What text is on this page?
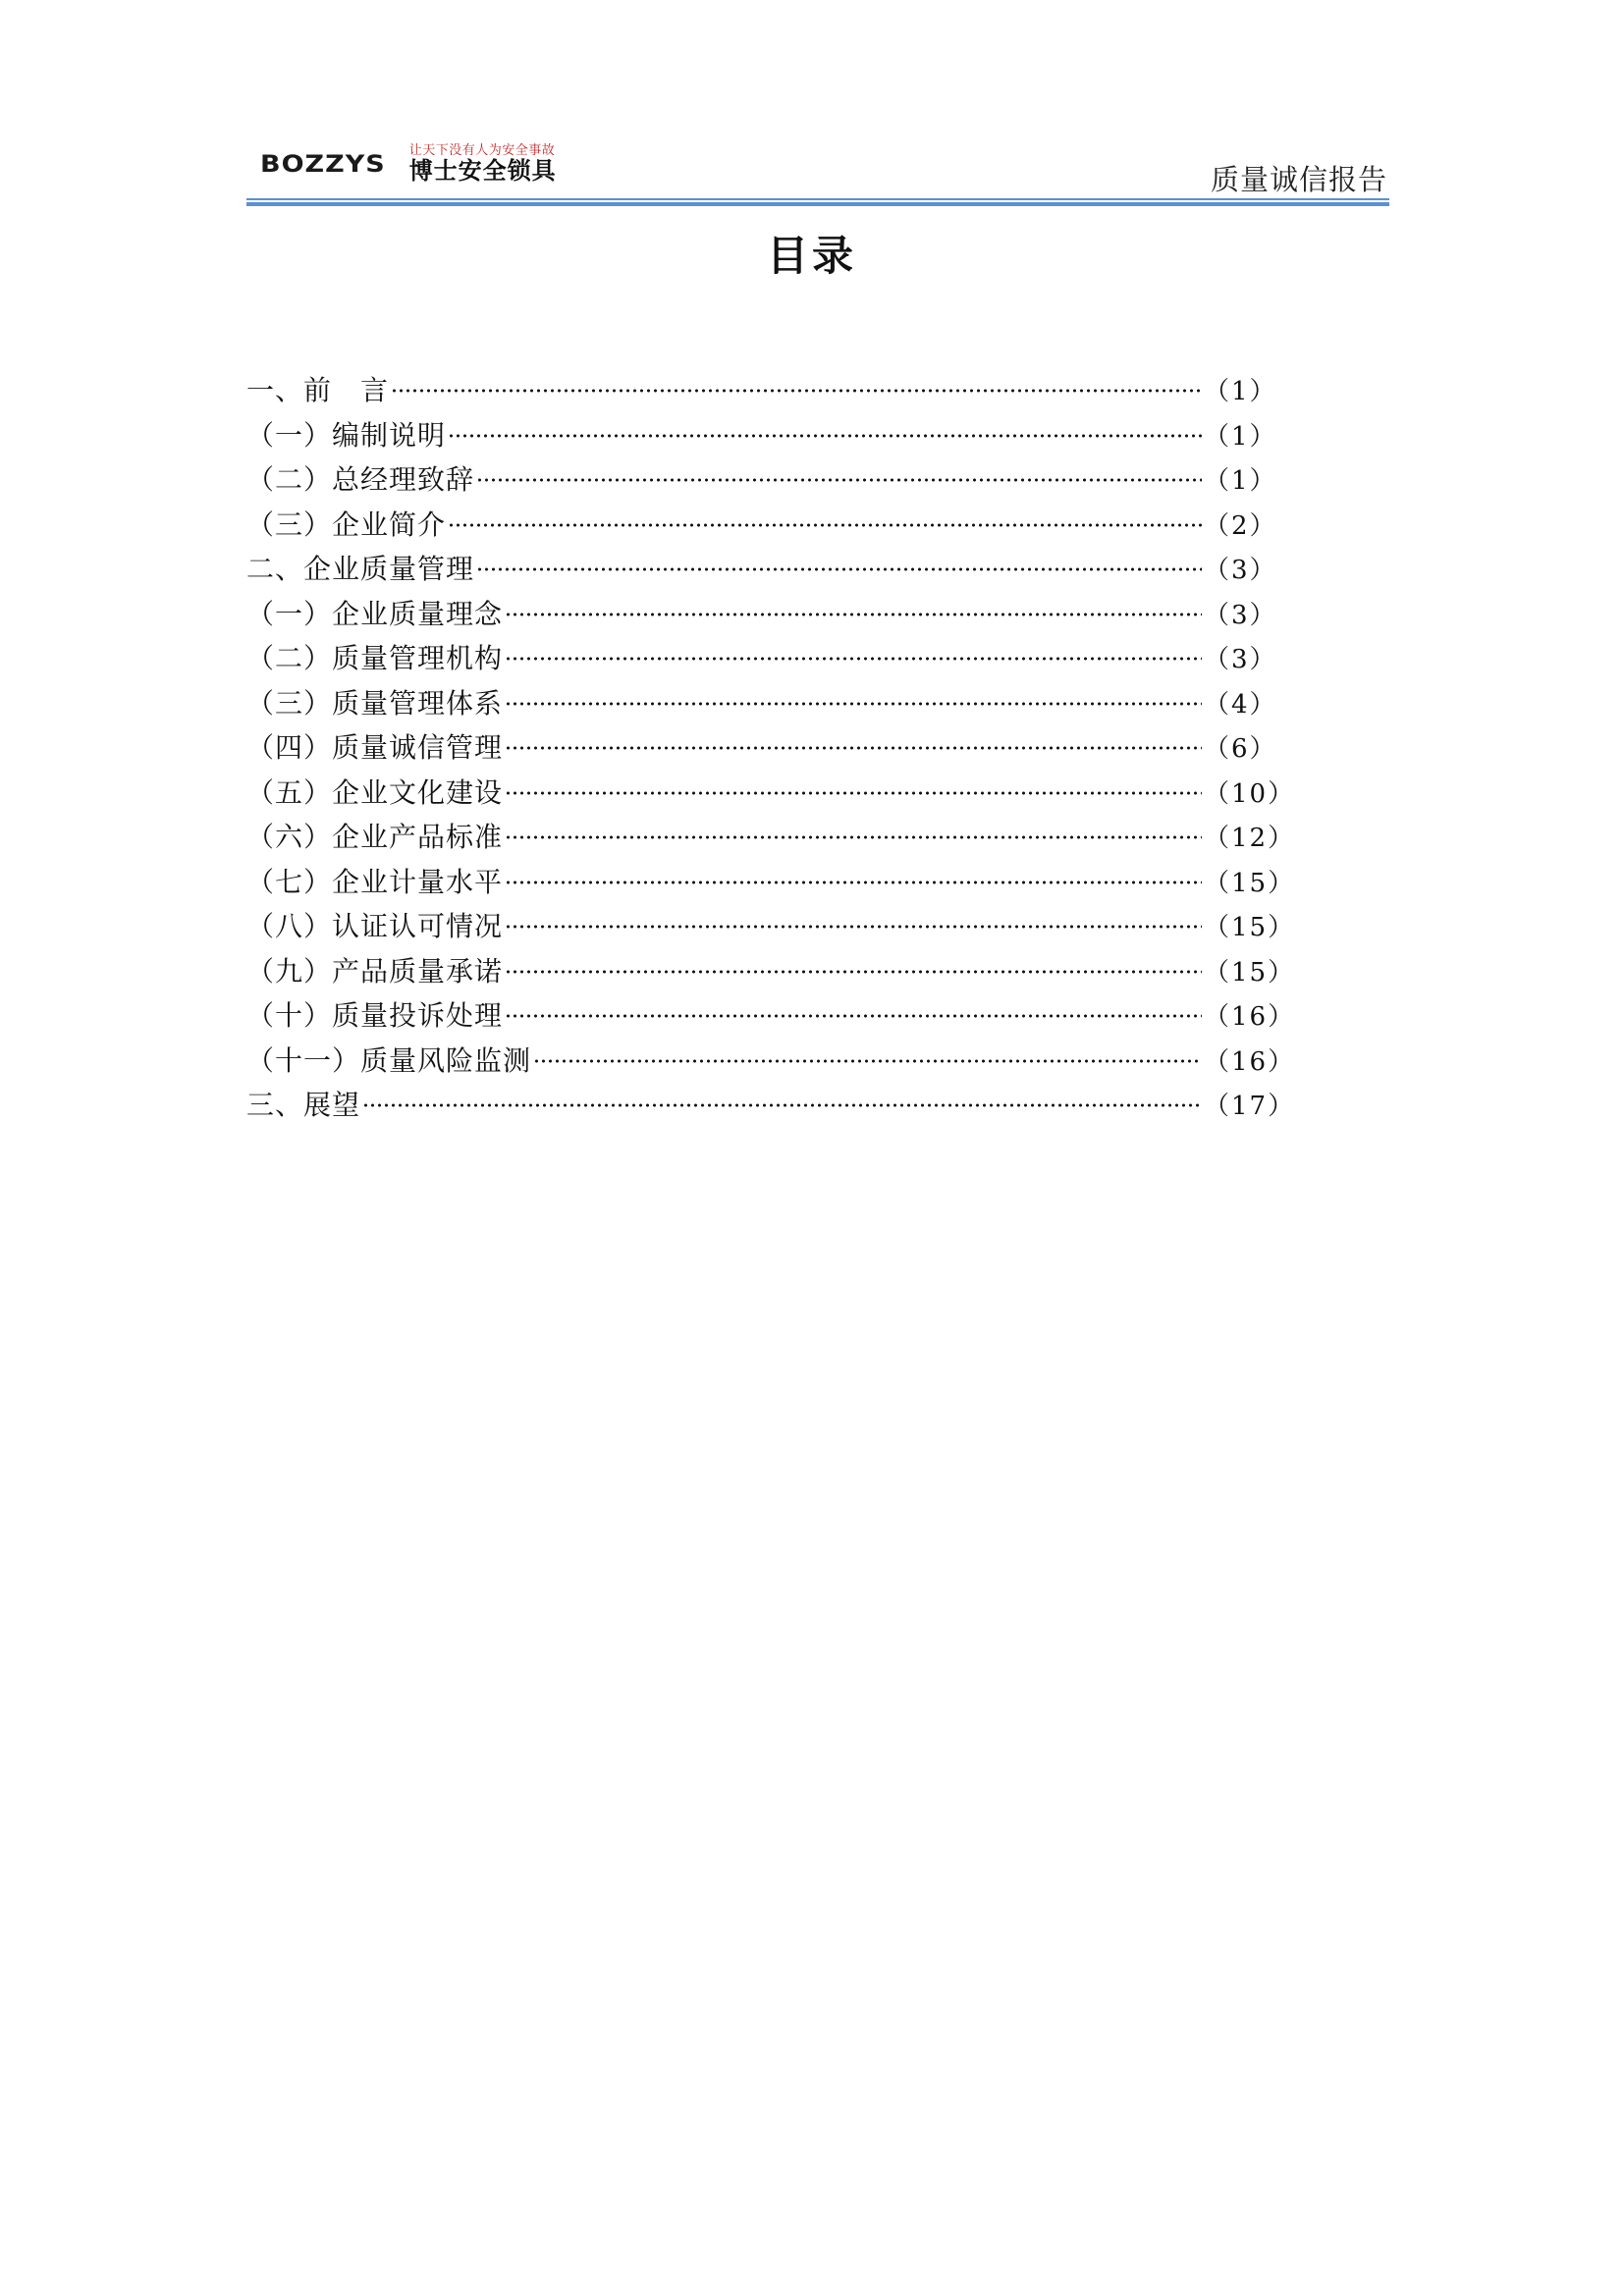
BOZZYS 让天下没有人为安全事故
博士安全锁具	质量诚信报告
目录
一、前　言	（1）
（一）编制说明	（1）
（二）总经理致辞	（1）
（三）企业简介	（2）
二、企业质量管理	（3）
（一）企业质量理念	（3）
（二）质量管理机构	（3）
（三）质量管理体系	（4）
（四）质量诚信管理	（6）
（五）企业文化建设	（10）
（六）企业产品标准	（12）
（七）企业计量水平	（15）
（八）认证认可情况	（15）
（九）产品质量承诺	（15）
（十）质量投诉处理	（16）
（十一）质量风险监测	（16）
三、展望	（17）
